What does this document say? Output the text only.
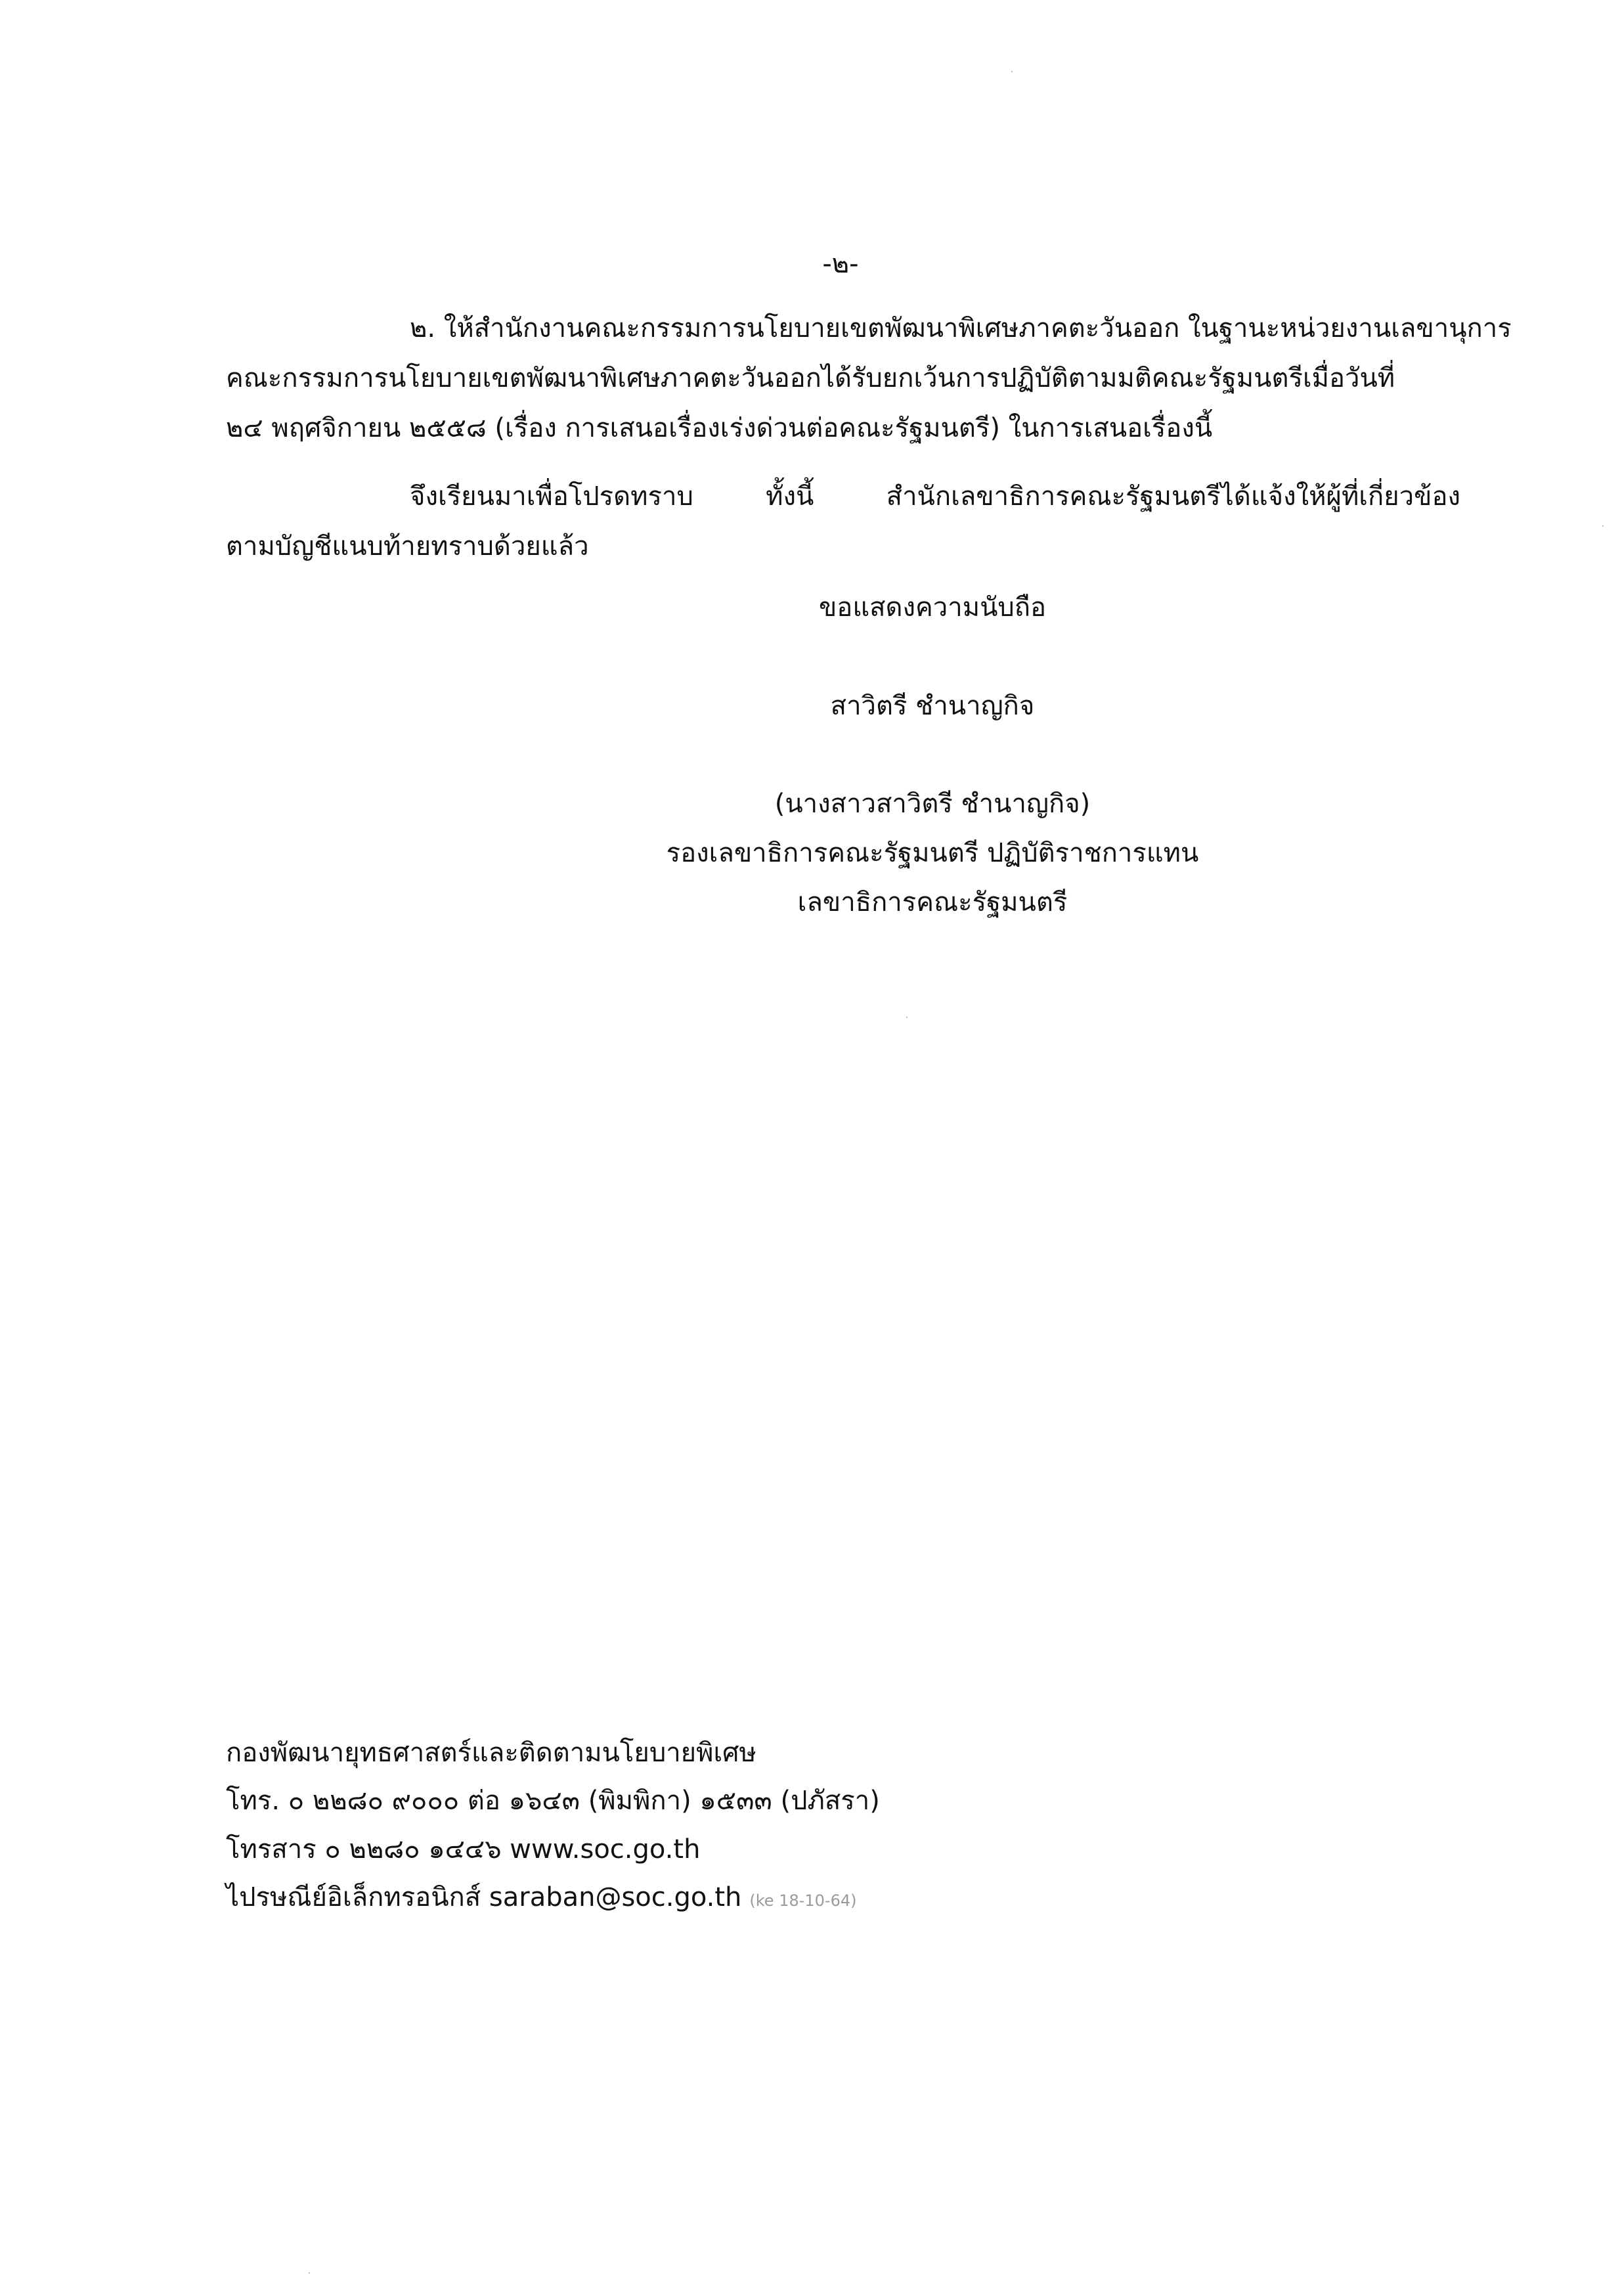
-๒-
๒. ให้สำนักงานคณะกรรมการนโยบายเขตพัฒนาพิเศษภาคตะวันออก ในฐานะหน่วยงานเลขานุการ
คณะกรรมการนโยบายเขตพัฒนาพิเศษภาคตะวันออกได้รับยกเว้นการปฏิบัติตามมติคณะรัฐมนตรีเมื่อวันที่
๒๔ พฤศจิกายน ๒๕๕๘ (เรื่อง การเสนอเรื่องเร่งด่วนต่อคณะรัฐมนตรี) ในการเสนอเรื่องนี้
จึงเรียนมาเพื่อโปรดทราบ ทั้งนี้ สำนักเลขาธิการคณะรัฐมนตรีได้แจ้งให้ผู้ที่เกี่ยวข้อง
ตามบัญชีแนบท้ายทราบด้วยแล้ว
ขอแสดงความนับถือ
สาวิตรี ชำนาญกิจ
(นางสาวสาวิตรี ชำนาญกิจ)
รองเลขาธิการคณะรัฐมนตรี ปฏิบัติราชการแทน
เลขาธิการคณะรัฐมนตรี
กองพัฒนายุทธศาสตร์และติดตามนโยบายพิเศษ
โทร. ๐ ๒๒๘๐ ๙๐๐๐ ต่อ ๑๖๔๓ (พิมพิกา) ๑๕๓๓ (ปภัสรา)
โทรสาร ๐ ๒๒๘๐ ๑๔๔๖ www.soc.go.th
ไปรษณีย์อิเล็กทรอนิกส์ saraban@soc.go.th (ke 18-10-64)
